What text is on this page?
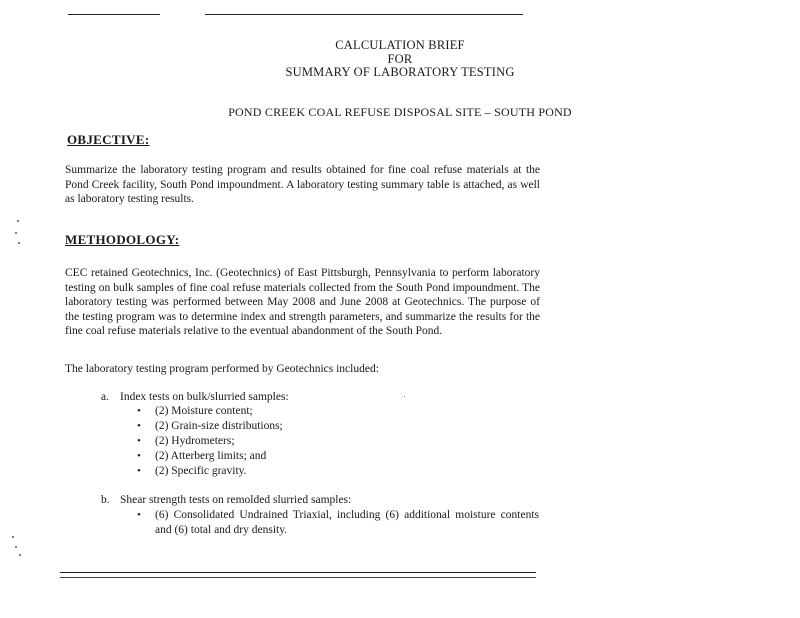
CALCULATION BRIEF
FOR
SUMMARY OF LABORATORY TESTING
POND CREEK COAL REFUSE DISPOSAL SITE – SOUTH POND
OBJECTIVE:
Summarize the laboratory testing program and results obtained for fine coal refuse materials at the Pond Creek facility, South Pond impoundment. A laboratory testing summary table is attached, as well as laboratory testing results.
METHODOLOGY:
CEC retained Geotechnics, Inc. (Geotechnics) of East Pittsburgh, Pennsylvania to perform laboratory testing on bulk samples of fine coal refuse materials collected from the South Pond impoundment. The laboratory testing was performed between May 2008 and June 2008 at Geotechnics. The purpose of the testing program was to determine index and strength parameters, and summarize the results for the fine coal refuse materials relative to the eventual abandonment of the South Pond.
The laboratory testing program performed by Geotechnics included:
a. Index tests on bulk/slurried samples:
• (2) Moisture content;
• (2) Grain-size distributions;
• (2) Hydrometers;
• (2) Atterberg limits; and
• (2) Specific gravity.
b. Shear strength tests on remolded slurried samples:
• (6) Consolidated Undrained Triaxial, including (6) additional moisture contents and (6) total and dry density.
